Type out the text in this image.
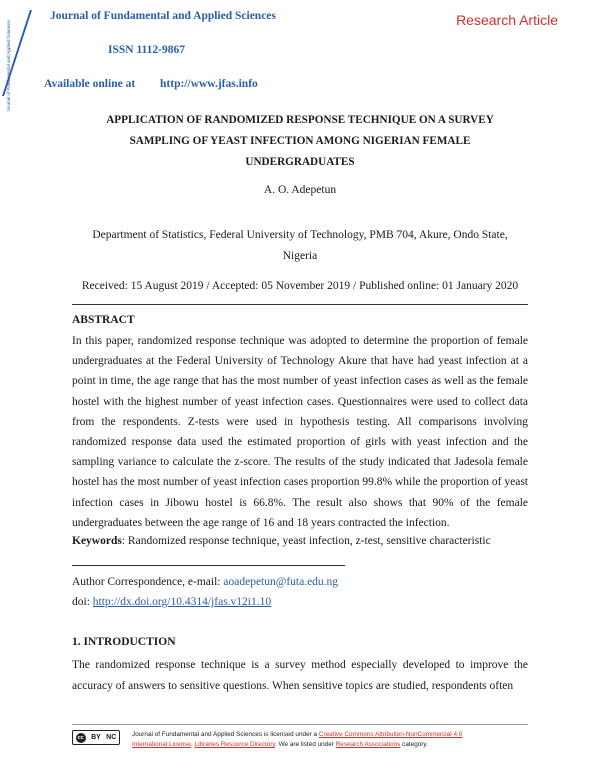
Journal of Fundamental and Applied Sciences
Journal of Fundamental and Applied Sciences
ISSN 1112-9867
Available online at http://www.jfas.info
Research Article
APPLICATION OF RANDOMIZED RESPONSE TECHNIQUE ON A SURVEY
SAMPLING OF YEAST INFECTION AMONG NIGERIAN FEMALE
UNDERGRADUATES
A. O. Adepetun
Department of Statistics, Federal University of Technology, PMB 704, Akure, Ondo State,
Nigeria
Received: 15 August 2019 / Accepted: 05 November 2019 / Published online: 01 January 2020
ABSTRACT
In this paper, randomized response technique was adopted to determine the proportion of female undergraduates at the Federal University of Technology Akure that have had yeast infection at a point in time, the age range that has the most number of yeast infection cases as well as the female hostel with the highest number of yeast infection cases. Questionnaires were used to collect data from the respondents. Z-tests were used in hypothesis testing. All comparisons involving randomized response data used the estimated proportion of girls with yeast infection and the sampling variance to calculate the z-score. The results of the study indicated that Jadesola female hostel has the most number of yeast infection cases proportion 99.8% while the proportion of yeast infection cases in Jibowu hostel is 66.8%. The result also shows that 90% of the female undergraduates between the age range of 16 and 18 years contracted the infection.
Keywords: Randomized response technique, yeast infection, z-test, sensitive characteristic
Author Correspondence, e-mail: aoadepetun@futa.edu.ng
doi: http://dx.doi.org/10.4314/jfas.v12i1.10
1. INTRODUCTION
The randomized response technique is a survey method especially developed to improve the accuracy of answers to sensitive questions. When sensitive topics are studied, respondents often
cc BY NC Journal of Fundamental and Applied Sciences is licensed under a Creative Commons Attribution-NonCommercial 4.0
International License. Libraries Resource Directory. We are listed under Research Associations category.
